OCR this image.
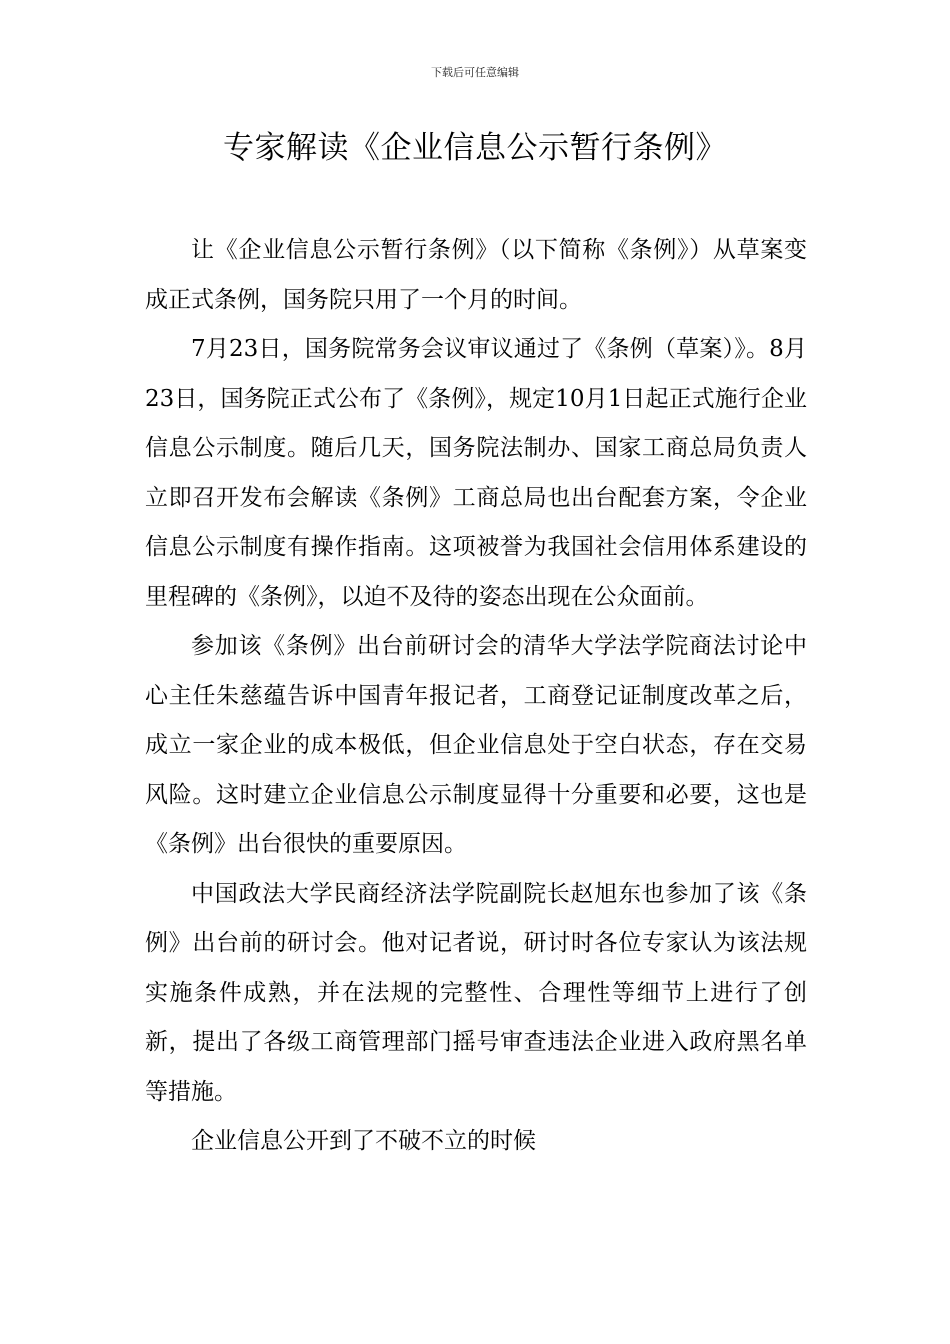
下载后可任意编辑
专家解读《企业信息公示暂行条例》

让《企业信息公示暂行条例》（以下简称《条例》）从草案变成正式条例，国务院只用了一个月的时间。

7月23日，国务院常务会议审议通过了《条例（草案）》。8月23日，国务院正式公布了《条例》，规定10月1日起正式施行企业信息公示制度。随后几天，国务院法制办、国家工商总局负责人立即召开发布会解读《条例》工商总局也出台配套方案，令企业信息公示制度有操作指南。这项被誉为我国社会信用体系建设的里程碑的《条例》，以迫不及待的姿态出现在公众面前。

参加该《条例》出台前研讨会的清华大学法学院商法讨论中心主任朱慈蕴告诉中国青年报记者，工商登记证制度改革之后，成立一家企业的成本极低，但企业信息处于空白状态，存在交易风险。这时建立企业信息公示制度显得十分重要和必要，这也是《条例》出台很快的重要原因。

中国政法大学民商经济法学院副院长赵旭东也参加了该《条例》出台前的研讨会。他对记者说，研讨时各位专家认为该法规实施条件成熟，并在法规的完整性、合理性等细节上进行了创新，提出了各级工商管理部门摇号审查违法企业进入政府黑名单等措施。

企业信息公开到了不破不立的时候
